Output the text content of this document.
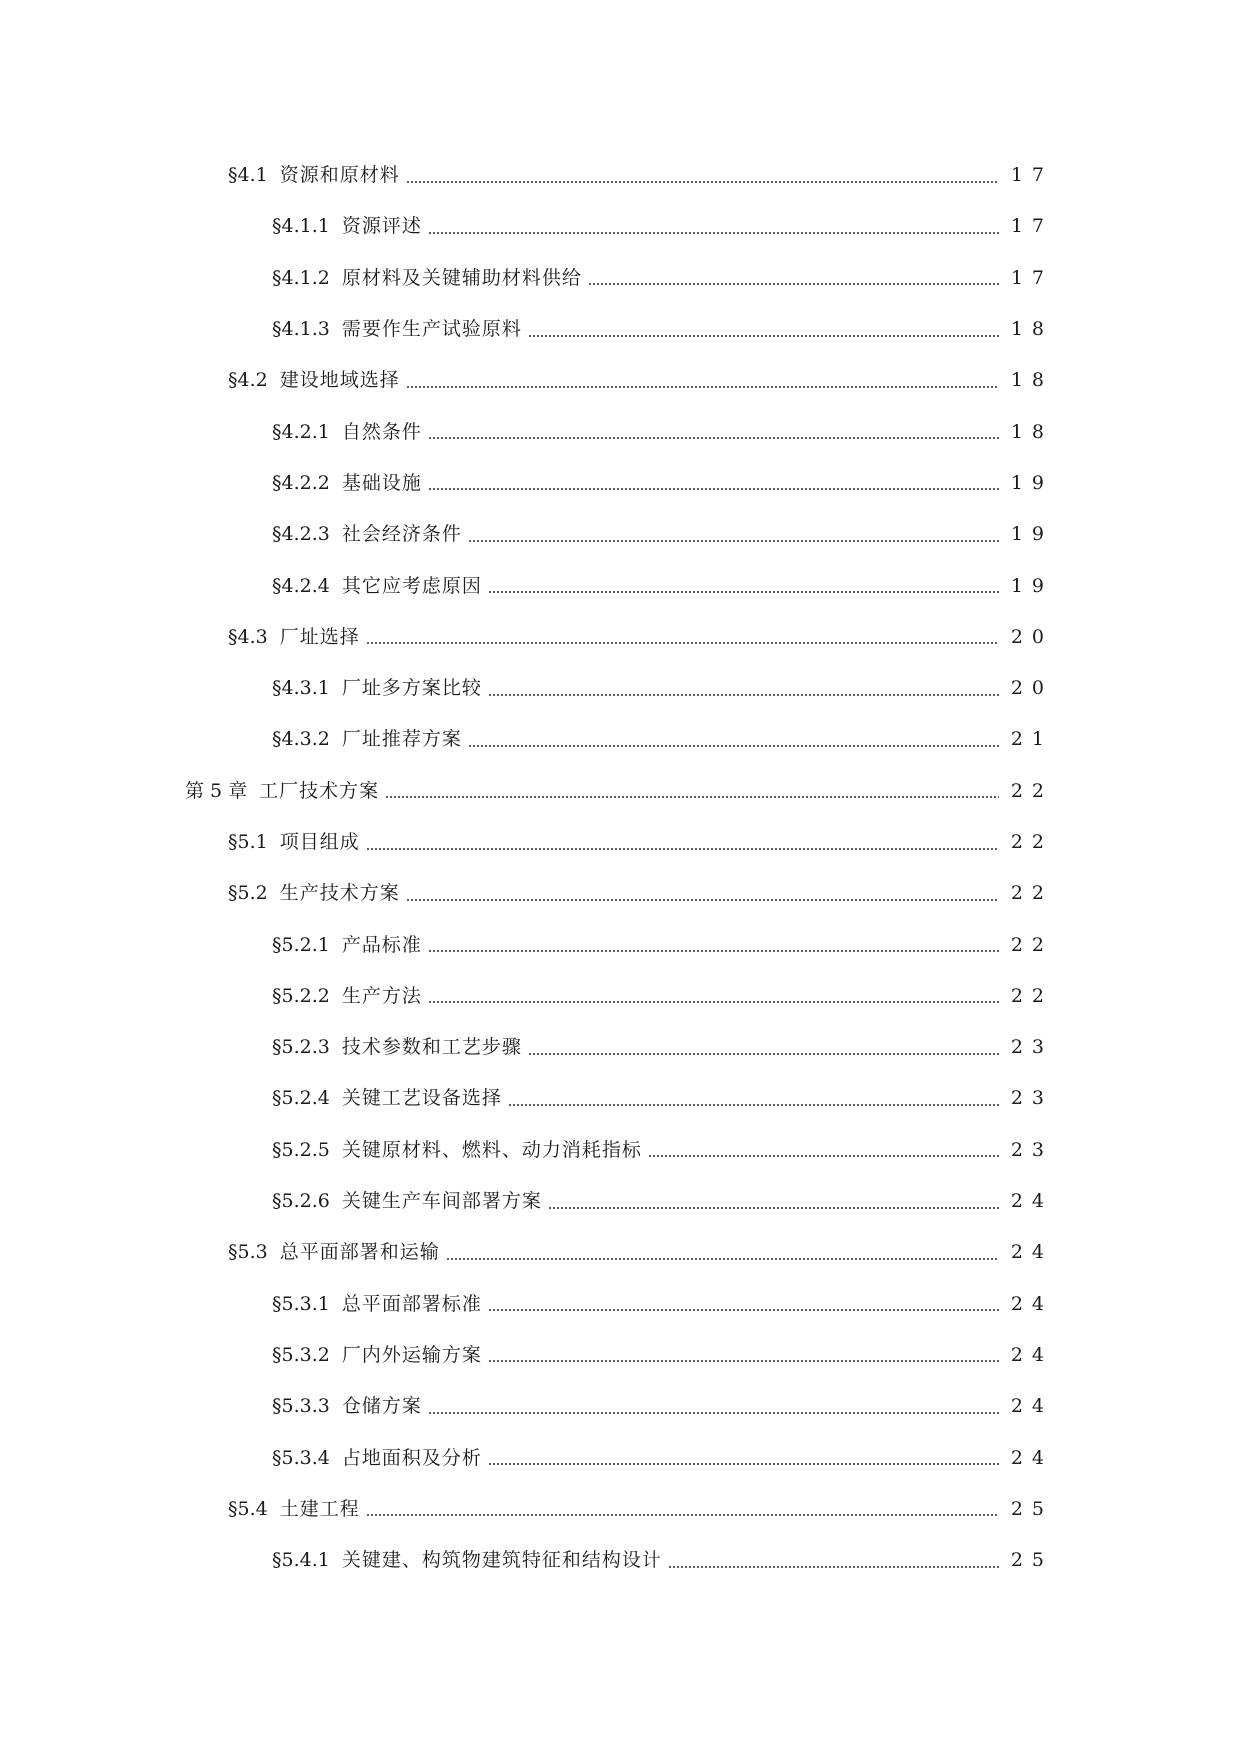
§4.1 资源和原材料	17
§4.1.1 资源评述	17
§4.1.2 原材料及关键辅助材料供给	17
§4.1.3 需要作生产试验原料	18
§4.2 建设地域选择	18
§4.2.1 自然条件	18
§4.2.2 基础设施	19
§4.2.3 社会经济条件	19
§4.2.4 其它应考虑原因	19
§4.3 厂址选择	20
§4.3.1 厂址多方案比较	20
§4.3.2 厂址推荐方案	21
第 5 章 工厂技术方案	22
§5.1 项目组成	22
§5.2 生产技术方案	22
§5.2.1 产品标准	22
§5.2.2 生产方法	22
§5.2.3 技术参数和工艺步骤	23
§5.2.4 关键工艺设备选择	23
§5.2.5 关键原材料、燃料、动力消耗指标	23
§5.2.6 关键生产车间部署方案	24
§5.3 总平面部署和运输	24
§5.3.1 总平面部署标准	24
§5.3.2 厂内外运输方案	24
§5.3.3 仓储方案	24
§5.3.4 占地面积及分析	24
§5.4 土建工程	25
§5.4.1 关键建、构筑物建筑特征和结构设计	25
